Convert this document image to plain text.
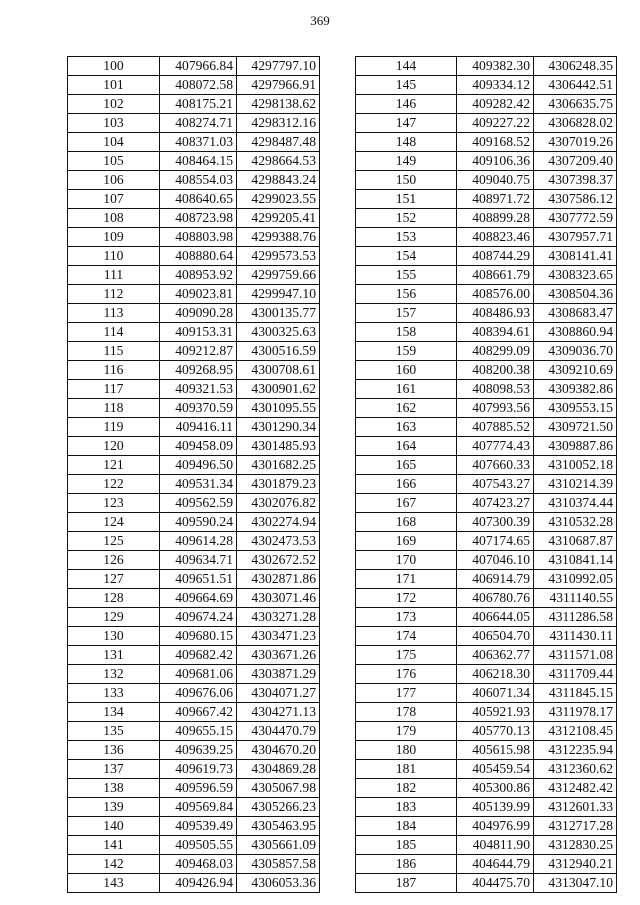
369
100	407966.84	4297797.10
101	408072.58	4297966.91
102	408175.21	4298138.62
103	408274.71	4298312.16
104	408371.03	4298487.48
105	408464.15	4298664.53
106	408554.03	4298843.24
107	408640.65	4299023.55
108	408723.98	4299205.41
109	408803.98	4299388.76
110	408880.64	4299573.53
111	408953.92	4299759.66
112	409023.81	4299947.10
113	409090.28	4300135.77
114	409153.31	4300325.63
115	409212.87	4300516.59
116	409268.95	4300708.61
117	409321.53	4300901.62
118	409370.59	4301095.55
119	409416.11	4301290.34
120	409458.09	4301485.93
121	409496.50	4301682.25
122	409531.34	4301879.23
123	409562.59	4302076.82
124	409590.24	4302274.94
125	409614.28	4302473.53
126	409634.71	4302672.52
127	409651.51	4302871.86
128	409664.69	4303071.46
129	409674.24	4303271.28
130	409680.15	4303471.23
131	409682.42	4303671.26
132	409681.06	4303871.29
133	409676.06	4304071.27
134	409667.42	4304271.13
135	409655.15	4304470.79
136	409639.25	4304670.20
137	409619.73	4304869.28
138	409596.59	4305067.98
139	409569.84	4305266.23
140	409539.49	4305463.95
141	409505.55	4305661.09
142	409468.03	4305857.58
143	409426.94	4306053.36
144	409382.30	4306248.35
145	409334.12	4306442.51
146	409282.42	4306635.75
147	409227.22	4306828.02
148	409168.52	4307019.26
149	409106.36	4307209.40
150	409040.75	4307398.37
151	408971.72	4307586.12
152	408899.28	4307772.59
153	408823.46	4307957.71
154	408744.29	4308141.41
155	408661.79	4308323.65
156	408576.00	4308504.36
157	408486.93	4308683.47
158	408394.61	4308860.94
159	408299.09	4309036.70
160	408200.38	4309210.69
161	408098.53	4309382.86
162	407993.56	4309553.15
163	407885.52	4309721.50
164	407774.43	4309887.86
165	407660.33	4310052.18
166	407543.27	4310214.39
167	407423.27	4310374.44
168	407300.39	4310532.28
169	407174.65	4310687.87
170	407046.10	4310841.14
171	406914.79	4310992.05
172	406780.76	4311140.55
173	406644.05	4311286.58
174	406504.70	4311430.11
175	406362.77	4311571.08
176	406218.30	4311709.44
177	406071.34	4311845.15
178	405921.93	4311978.17
179	405770.13	4312108.45
180	405615.98	4312235.94
181	405459.54	4312360.62
182	405300.86	4312482.42
183	405139.99	4312601.33
184	404976.99	4312717.28
185	404811.90	4312830.25
186	404644.79	4312940.21
187	404475.70	4313047.10
